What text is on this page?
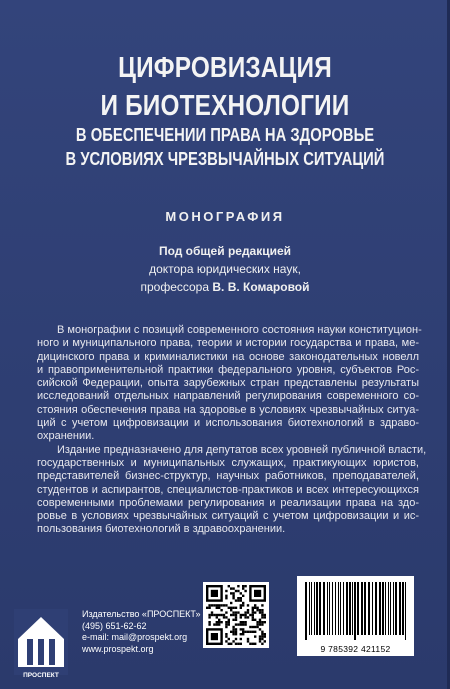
ЦИФРОВИЗАЦИЯ
И БИОТЕХНОЛОГИИ
В ОБЕСПЕЧЕНИИ ПРАВА НА ЗДОРОВЬЕ
В УСЛОВИЯХ ЧРЕЗВЫЧАЙНЫХ СИТУАЦИЙ
МОНОГРАФИЯ
Под общей редакцией
доктора юридических наук,
профессора В. В. Комаровой
В монографии с позиций современного состояния науки конституцион-
ного и муниципального права, теории и истории государства и права, ме-
дицинского права и криминалистики на основе законодательных новелл
и правоприменительной практики федерального уровня, субъектов Рос-
сийской Федерации, опыта зарубежных стран представлены результаты
исследований отдельных направлений регулирования современного со-
стояния обеспечения права на здоровье в условиях чрезвычайных ситуа-
ций с учетом цифровизации и использования биотехнологий в здраво-
охранении.
Издание предназначено для депутатов всех уровней публичной власти,
государственных и муниципальных служащих, практикующих юристов,
представителей бизнес-структур, научных работников, преподавателей,
студентов и аспирантов, специалистов-практиков и всех интересующихся
современными проблемами регулирования и реализации права на здо-
ровье в условиях чрезвычайных ситуаций с учетом цифровизации и ис-
пользования биотехнологий в здравоохранении.
ПРОСПЕКТ
Издательство «ПРОСПЕКТ»
(495) 651-62-62
e-mail: mail@prospekt.org
www.prospekt.org	9 785392 421152
